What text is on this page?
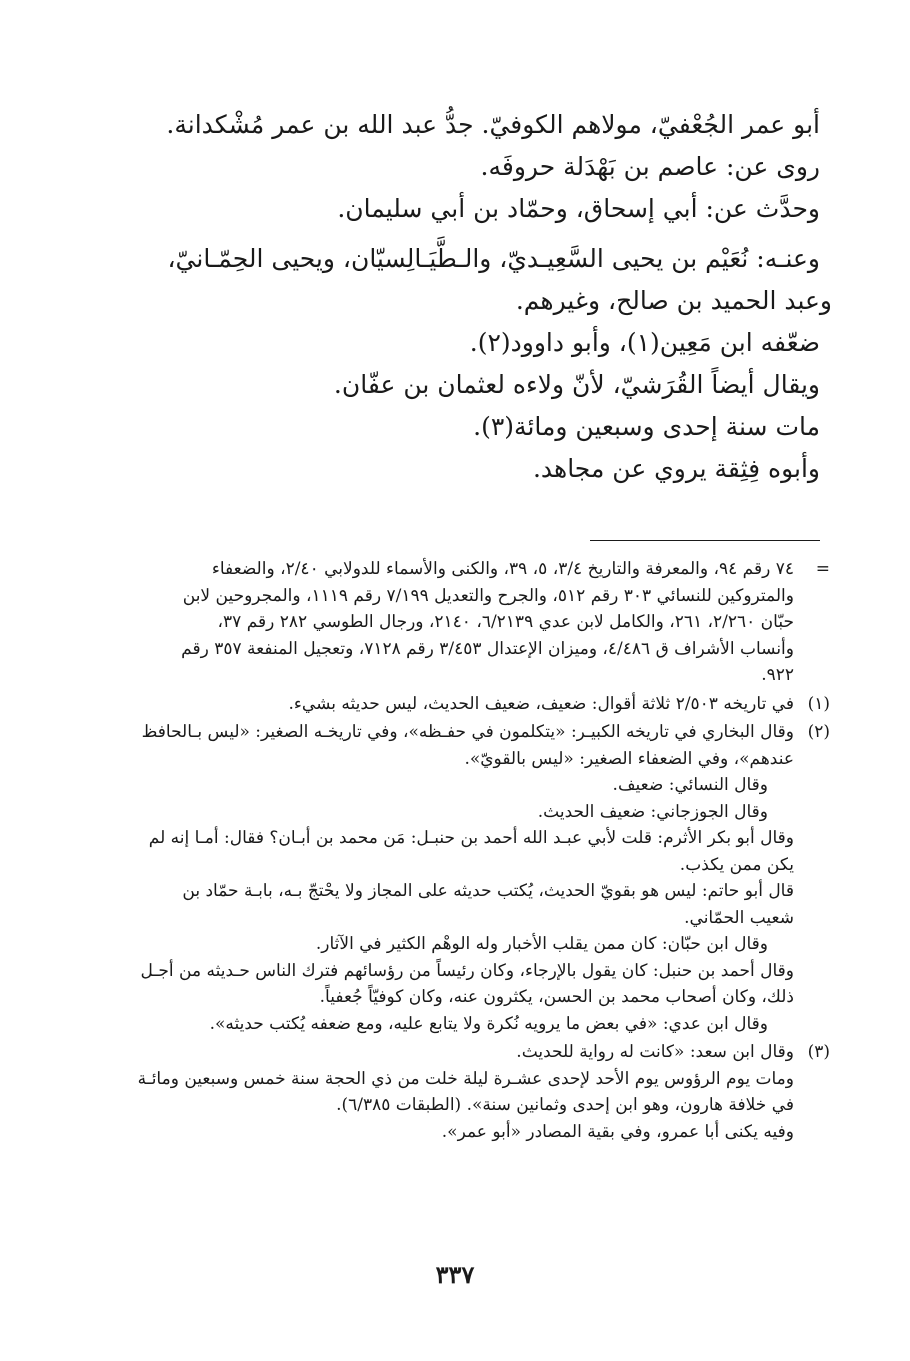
أبو عمر الجُعْفيّ، مولاهم الكوفيّ. جدُّ عبد الله بن عمر مُشْكدانة.

روى عن: عاصم بن بَهْدَلة حروفَه.

وحدَّث عن: أبي إسحاق، وحمّاد بن أبي سليمان.

وعنـه: نُعَيْم بن يحيى السَّعِيـديّ، والـطَّيَـالِسيّان، ويحيى الحِمّـانيّ،

وعبد الحميد بن صالح، وغيرهم.

ضعّفه ابن مَعِين(١)، وأبو داوود(٢).

ويقال أيضاً القُرَشيّ، لأنّ ولاءه لعثمان بن عفّان.

مات سنة إحدى وسبعين ومائة(٣).

وأبوه فِثِقة يروي عن مجاهد.

=
٧٤ رقم ٩٤، والمعرفة والتاريخ ٣/٤، ٥، ٣٩، والكنى والأسماء للدولابي ٢/٤٠، والضعفاء
والمتروكين للنسائي ٣٠٣ رقم ٥١٢، والجرح والتعديل ٧/١٩٩ رقم ١١١٩، والمجروحين لابن
حبّان ٢/٢٦٠، ٢٦١، والكامل لابن عدي ٦/٢١٣٩، ٢١٤٠، ورجال الطوسي ٢٨٢ رقم ٣٧،
وأنساب الأشراف ق ٤/٤٨٦، وميزان الإعتدال ٣/٤٥٣ رقم ٧١٢٨، وتعجيل المنفعة ٣٥٧ رقم
٩٢٢.
(١)
في تاريخه ٢/٥٠٣ ثلاثة أقوال: ضعيف، ضعيف الحديث، ليس حديثه بشيء.
(٢)
وقال البخاري في تاريخه الكبيـر: «يتكلمون في حفـظه»، وفي تاريخـه الصغير: «ليس بـالحافظ
عندهم»، وفي الضعفاء الصغير: «ليس بالقويّ».
وقال النسائي: ضعيف.
وقال الجوزجاني: ضعيف الحديث.
وقال أبو بكر الأثرم: قلت لأبي عبـد الله أحمد بن حنبـل: مَن محمد بن أبـان؟ فقال: أمـا إنه لم
يكن ممن يكذب.
قال أبو حاتم: ليس هو بقويّ الحديث، يُكتب حديثه على المجاز ولا يحْتجّ بـه، بابـة حمّاد بن
شعيب الحمّاني.
وقال ابن حبّان: كان ممن يقلب الأخبار وله الوهْم الكثير في الآثار.
وقال أحمد بن حنبل: كان يقول بالإرجاء، وكان رئيساً من رؤسائهم فترك الناس حـديثه من أجـل
ذلك، وكان أصحاب محمد بن الحسن، يكثرون عنه، وكان كوفيّاً جُعفياً.
وقال ابن عدي: «في بعض ما يرويه نُكرة ولا يتابع عليه، ومع ضعفه يُكتب حديثه».
(٣)
وقال ابن سعد: «كانت له رواية للحديث.
ومات يوم الرؤوس يوم الأحد لإحدى عشـرة ليلة خلت من ذي الحجة سنة خمس وسبعين ومائـة
في خلافة هارون، وهو ابن إحدى وثمانين سنة». (الطبقات ٦/٣٨٥).
وفيه يكنى أبا عمرو، وفي بقية المصادر «أبو عمر».
٣٣٧
